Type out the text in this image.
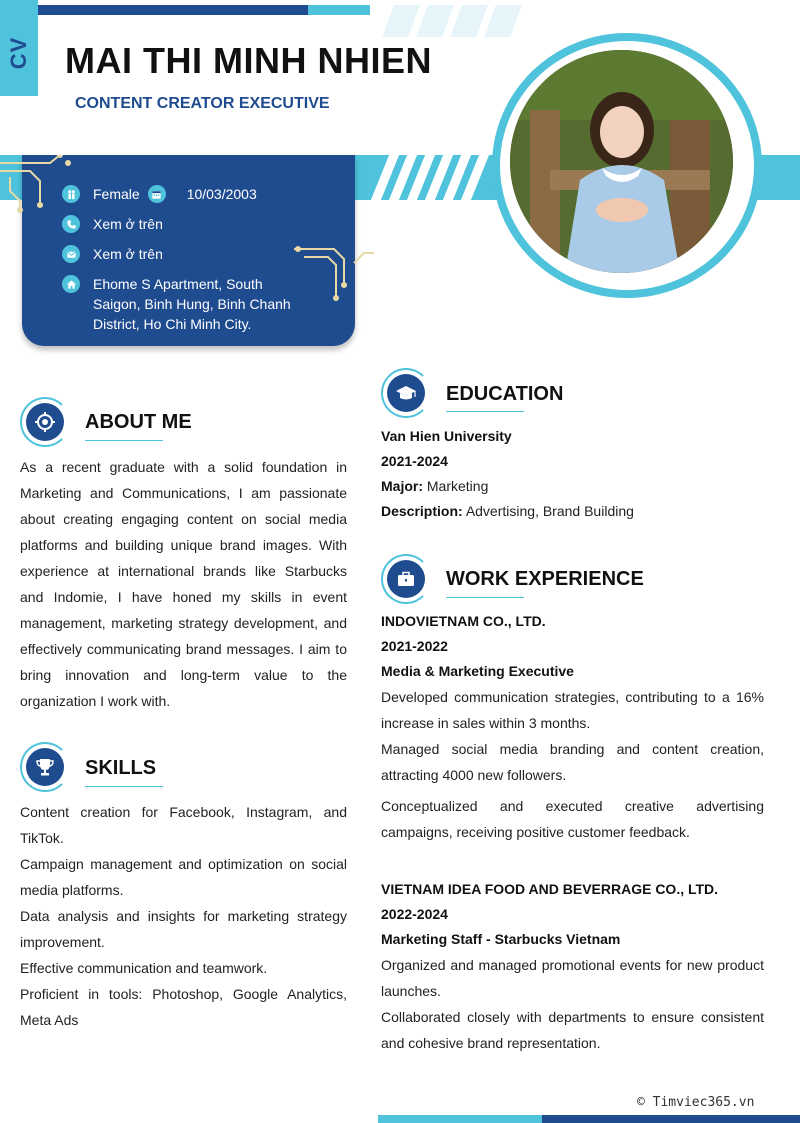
CV MAI THI MINH NHIEN
CONTENT CREATOR EXECUTIVE
Female	10/03/2003
Xem ở trên
Xem ở trên
Ehome S Apartment, South Saigon, Binh Hung, Binh Chanh District, Ho Chi Minh City.
ABOUT ME
As a recent graduate with a solid foundation in Marketing and Communications, I am passionate about creating engaging content on social media platforms and building unique brand images. With experience at international brands like Starbucks and Indomie, I have honed my skills in event management, marketing strategy development, and effectively communicating brand messages. I aim to bring innovation and long-term value to the organization I work with.
SKILLS

Content creation for Facebook, Instagram, and TikTok.

Campaign management and optimization on social media platforms.

Data analysis and insights for marketing strategy improvement.

Effective communication and teamwork.

Proficient in tools: Photoshop, Google Analytics, Meta Ads

EDUCATION
Van Hien University
2021-2024
Major: Marketing
Description: Advertising, Brand Building
WORK EXPERIENCE
INDOVIETNAM CO., LTD.
2021-2022
Media & Marketing Executive

Developed communication strategies, contributing to a 16% increase in sales within 3 months.

Managed social media branding and content creation, attracting 4000 new followers.

Conceptualized and executed creative advertising campaigns, receiving positive customer feedback.

VIETNAM IDEA FOOD AND BEVERRAGE CO., LTD.
2022-2024
Marketing Staff - Starbucks Vietnam

Organized and managed promotional events for new product launches.

Collaborated closely with departments to ensure consistent and cohesive brand representation.

© Timviec365.vn
